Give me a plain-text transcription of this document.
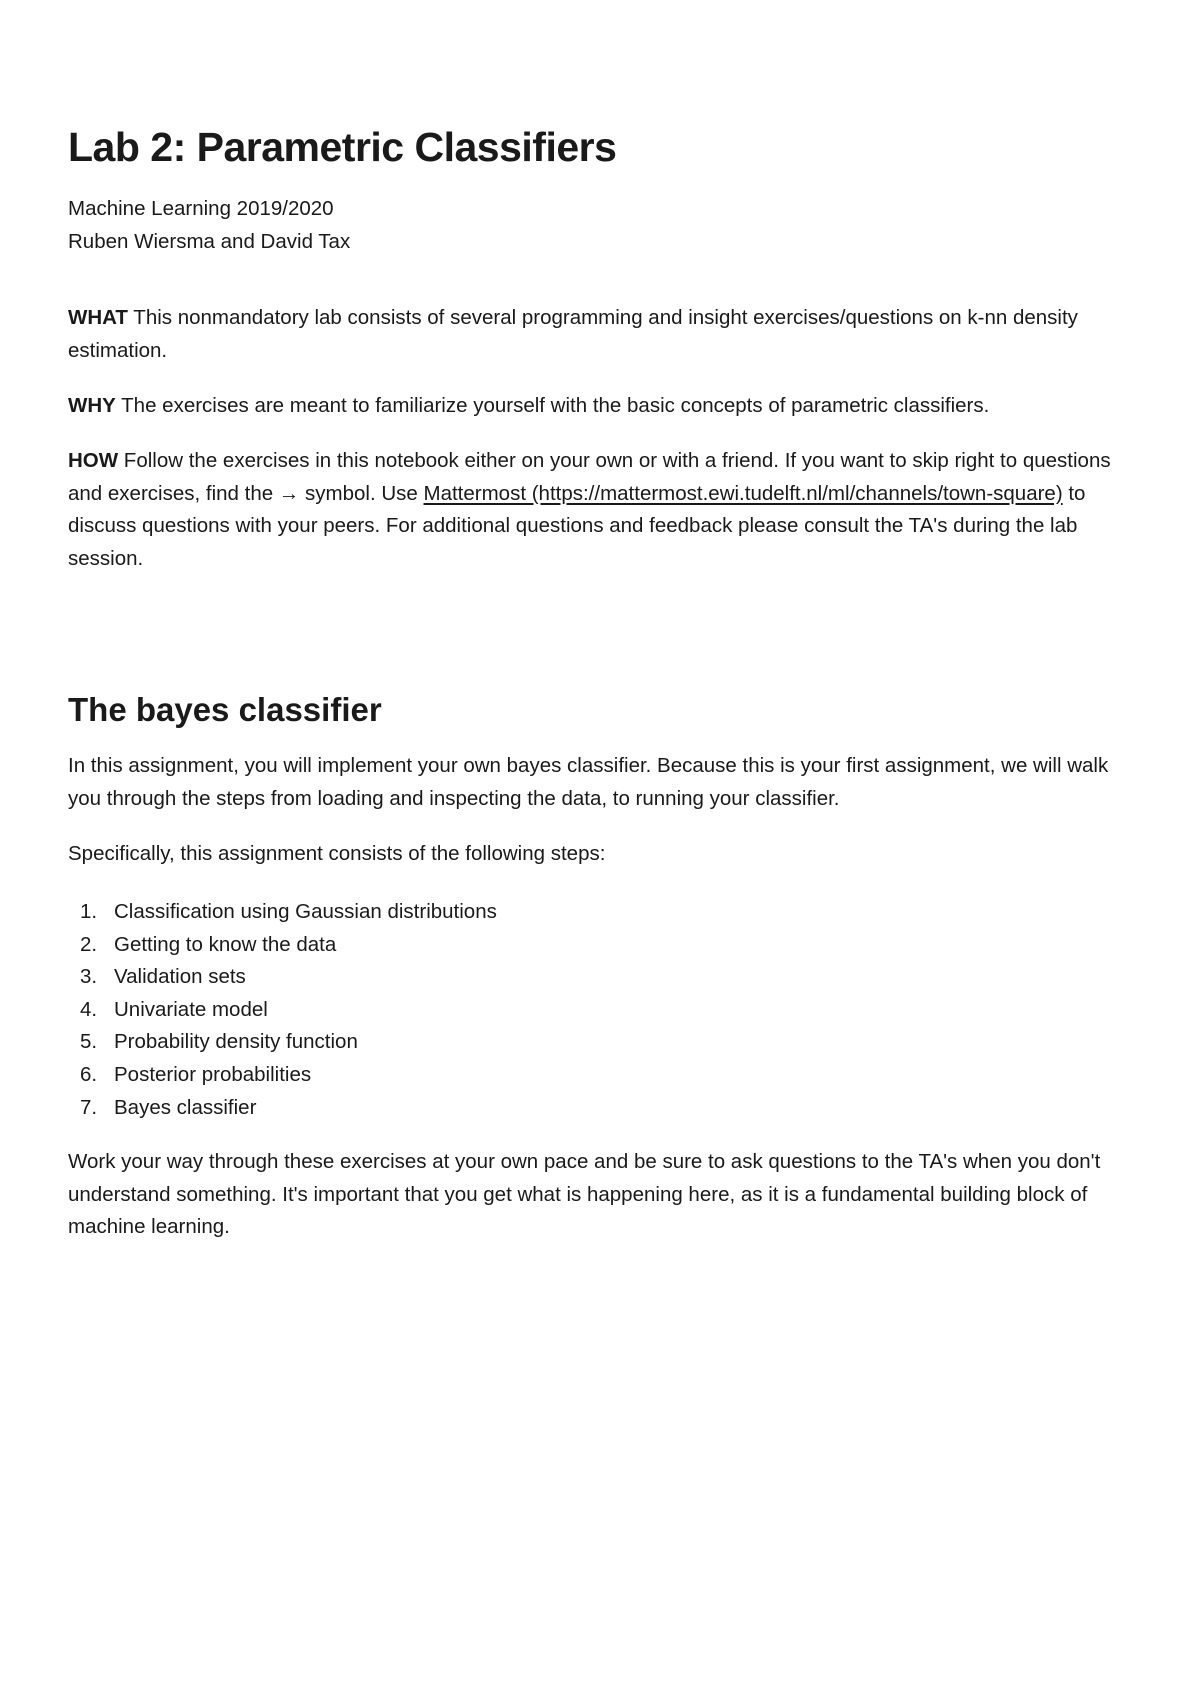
Lab 2: Parametric Classifiers
Machine Learning 2019/2020
Ruben Wiersma and David Tax

WHAT This nonmandatory lab consists of several programming and insight exercises/questions on k-nn density estimation.

WHY The exercises are meant to familiarize yourself with the basic concepts of parametric classifiers.

HOW Follow the exercises in this notebook either on your own or with a friend. If you want to skip right to questions and exercises, find the → symbol. Use Mattermost (https://mattermost.ewi.tudelft.nl/ml/channels/town-square) to discuss questions with your peers. For additional questions and feedback please consult the TA's during the lab session.

The bayes classifier

In this assignment, you will implement your own bayes classifier. Because this is your first assignment, we will walk you through the steps from loading and inspecting the data, to running your classifier.

Specifically, this assignment consists of the following steps:

1. Classification using Gaussian distributions
2. Getting to know the data
3. Validation sets
4. Univariate model
5. Probability density function
6. Posterior probabilities
7. Bayes classifier

Work your way through these exercises at your own pace and be sure to ask questions to the TA's when you don't understand something. It's important that you get what is happening here, as it is a fundamental building block of machine learning.
